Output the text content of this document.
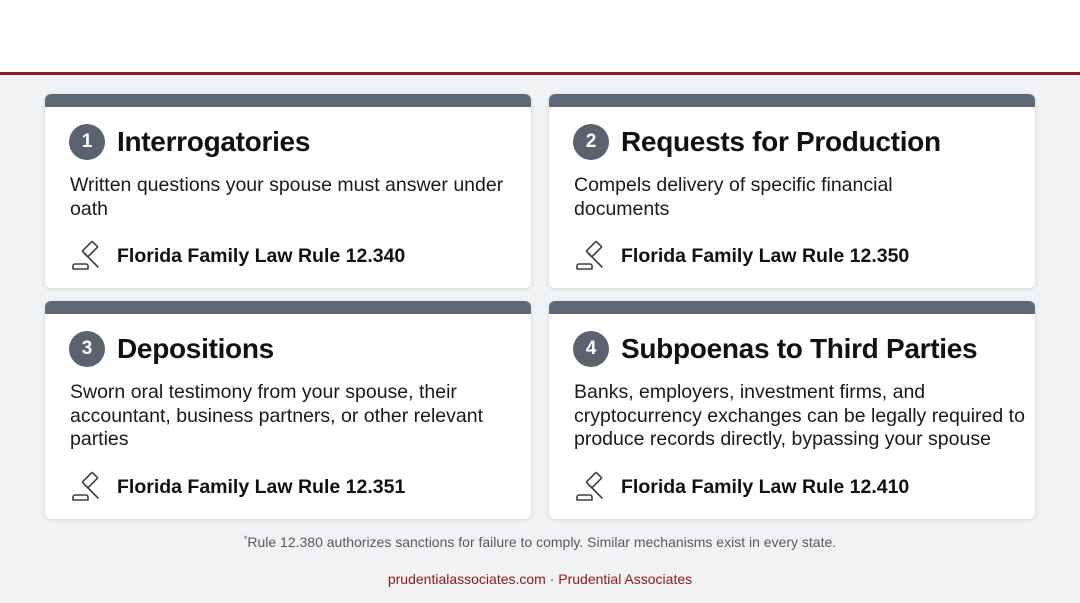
1 Interrogatories
Written questions your spouse must answer under oath
Florida Family Law Rule 12.340
2 Requests for Production
Compels delivery of specific financial documents
Florida Family Law Rule 12.350
3 Depositions
Sworn oral testimony from your spouse, their accountant, business partners, or other relevant parties
Florida Family Law Rule 12.351
4 Subpoenas to Third Parties
Banks, employers, investment firms, and cryptocurrency exchanges can be legally required to produce records directly, bypassing your spouse
Florida Family Law Rule 12.410
*Rule 12.380 authorizes sanctions for failure to comply. Similar mechanisms exist in every state.
prudentialassociates.com · Prudential Associates
